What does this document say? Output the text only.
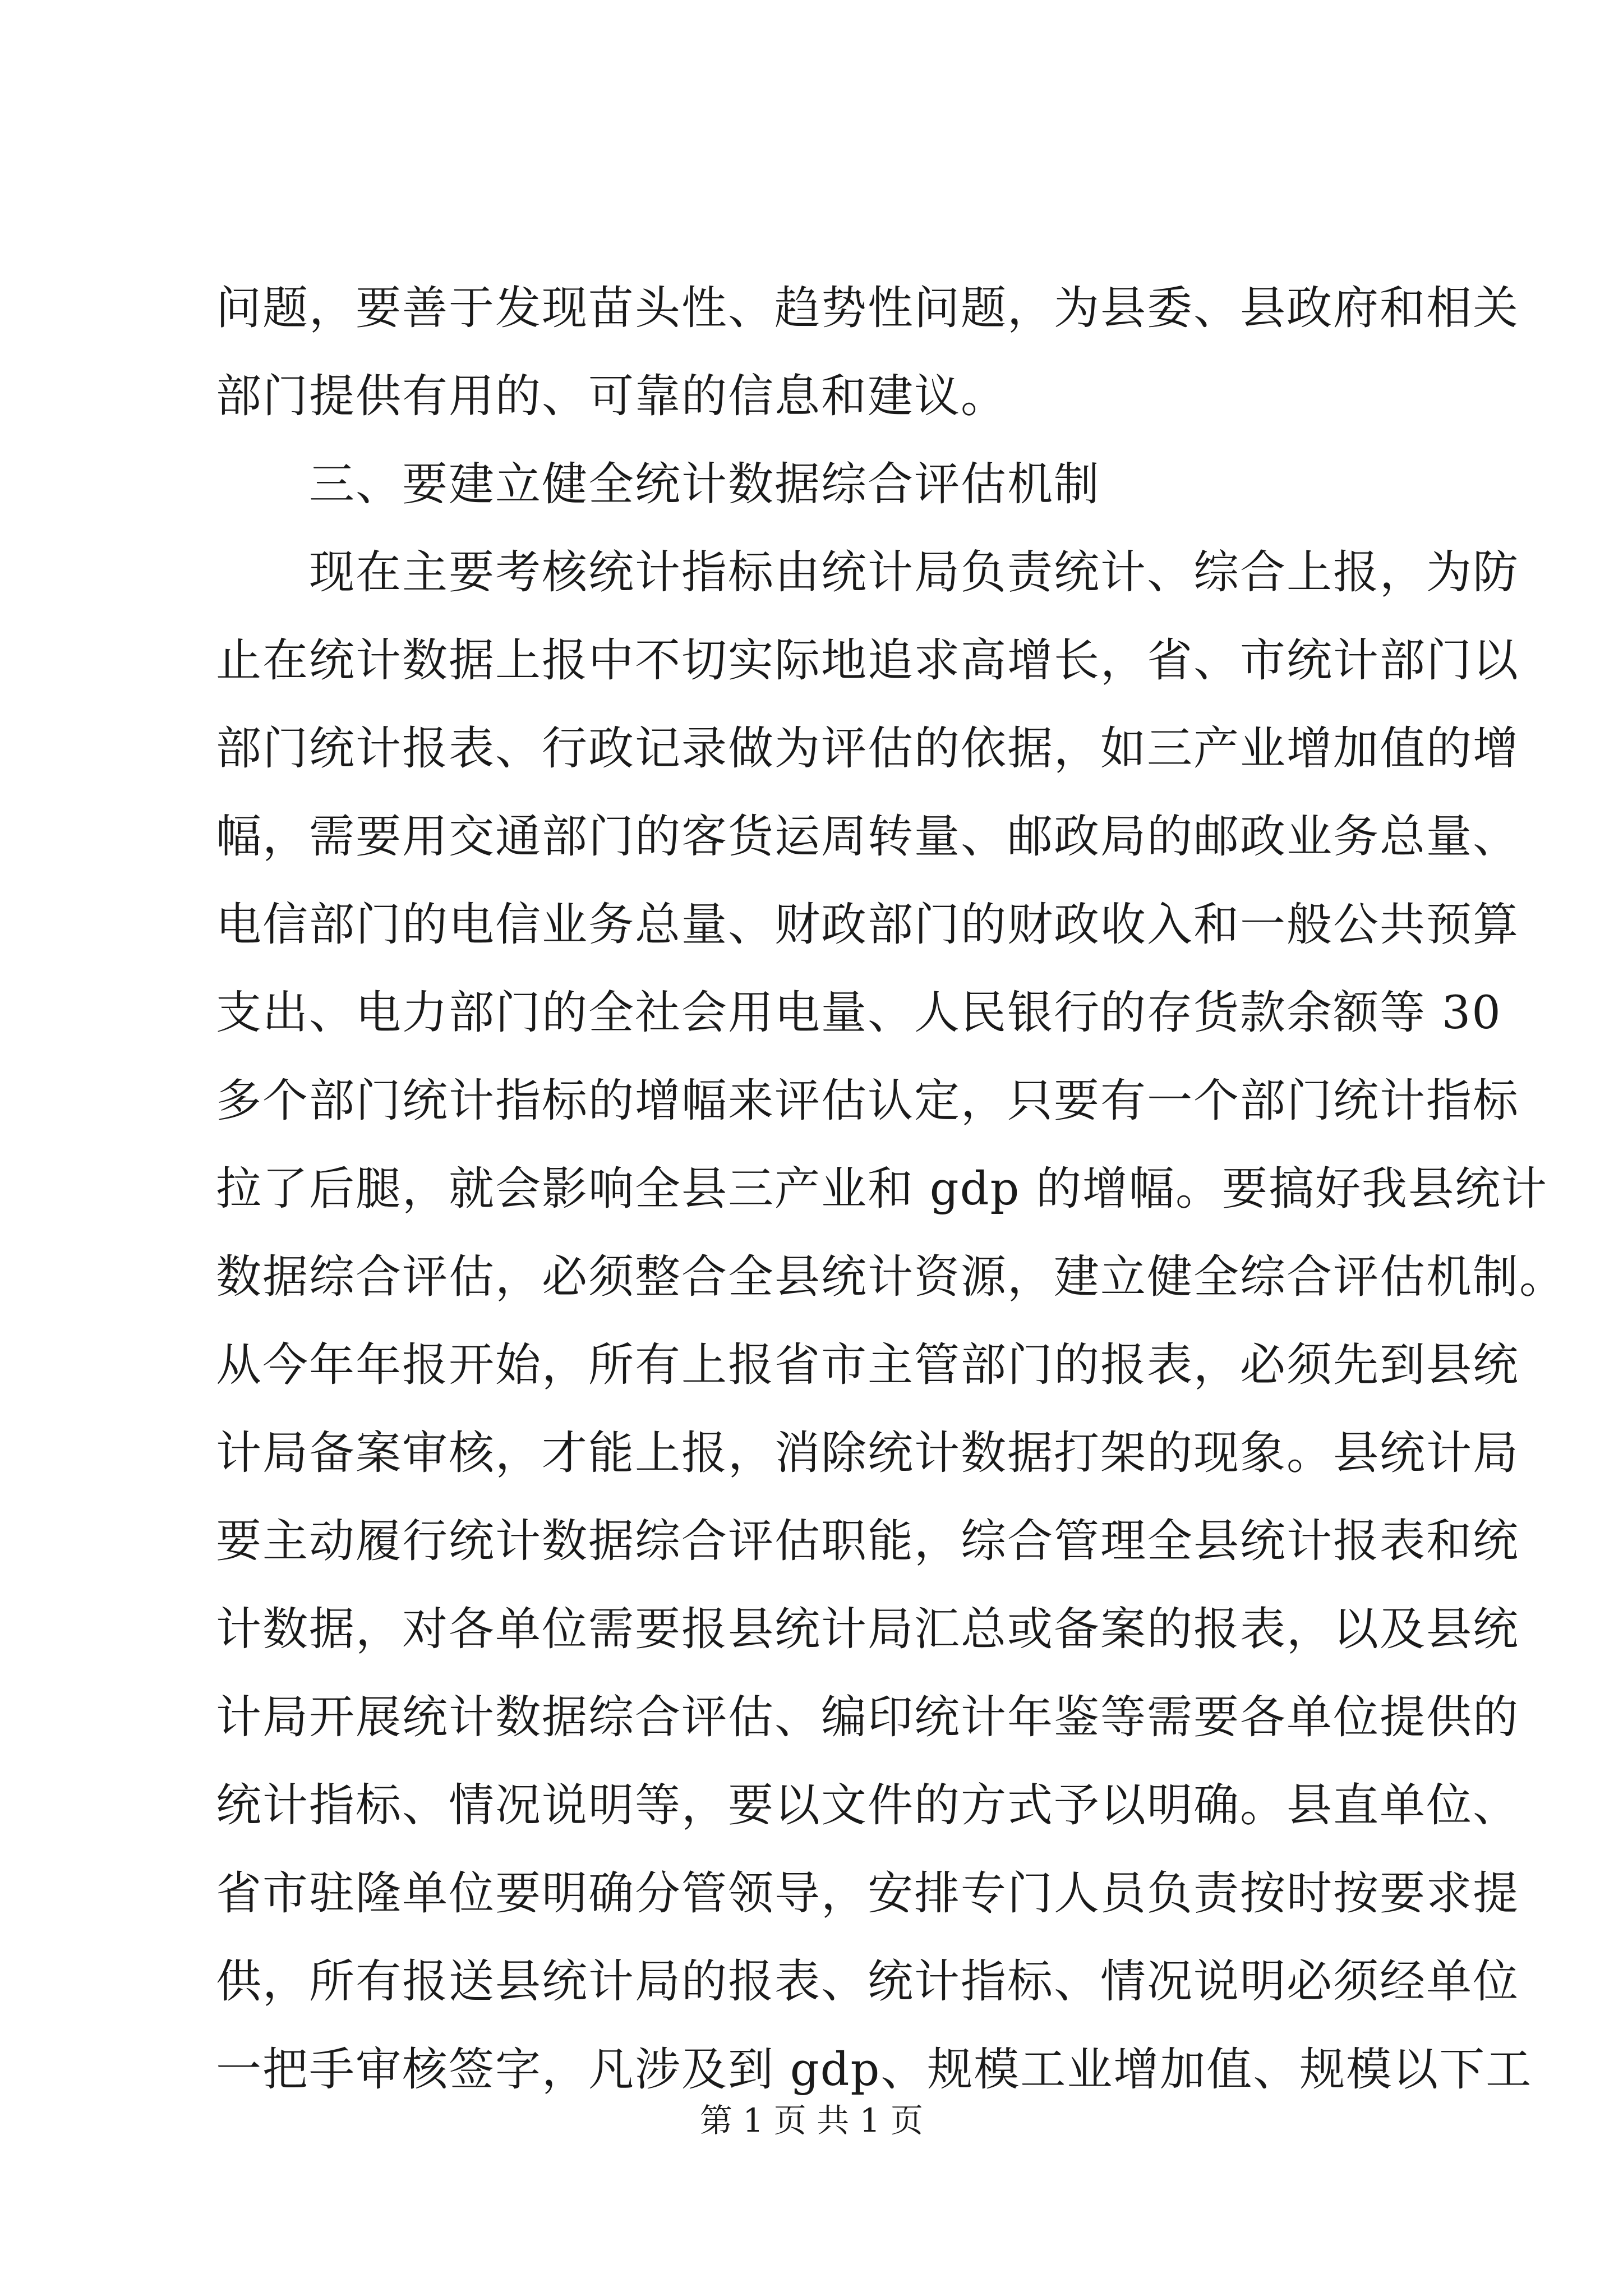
问题，要善于发现苗头性、趋势性问题，为县委、县政府和相关
部门提供有用的、可靠的信息和建议。
三、要建立健全统计数据综合评估机制
现在主要考核统计指标由统计局负责统计、综合上报，为防
止在统计数据上报中不切实际地追求高增长，省、市统计部门以
部门统计报表、行政记录做为评估的依据，如三产业增加值的增
幅，需要用交通部门的客货运周转量、邮政局的邮政业务总量、
电信部门的电信业务总量、财政部门的财政收入和一般公共预算
支出、电力部门的全社会用电量、人民银行的存货款余额等 30
多个部门统计指标的增幅来评估认定，只要有一个部门统计指标
拉了后腿，就会影响全县三产业和 gdp 的增幅。要搞好我县统计
数据综合评估，必须整合全县统计资源，建立健全综合评估机制。
从今年年报开始，所有上报省市主管部门的报表，必须先到县统
计局备案审核，才能上报，消除统计数据打架的现象。县统计局
要主动履行统计数据综合评估职能，综合管理全县统计报表和统
计数据，对各单位需要报县统计局汇总或备案的报表，以及县统
计局开展统计数据综合评估、编印统计年鉴等需要各单位提供的
统计指标、情况说明等，要以文件的方式予以明确。县直单位、
省市驻隆单位要明确分管领导，安排专门人员负责按时按要求提
供，所有报送县统计局的报表、统计指标、情况说明必须经单位
一把手审核签字，凡涉及到 gdp、规模工业增加值、规模以下工
第 1 页 共 1 页
